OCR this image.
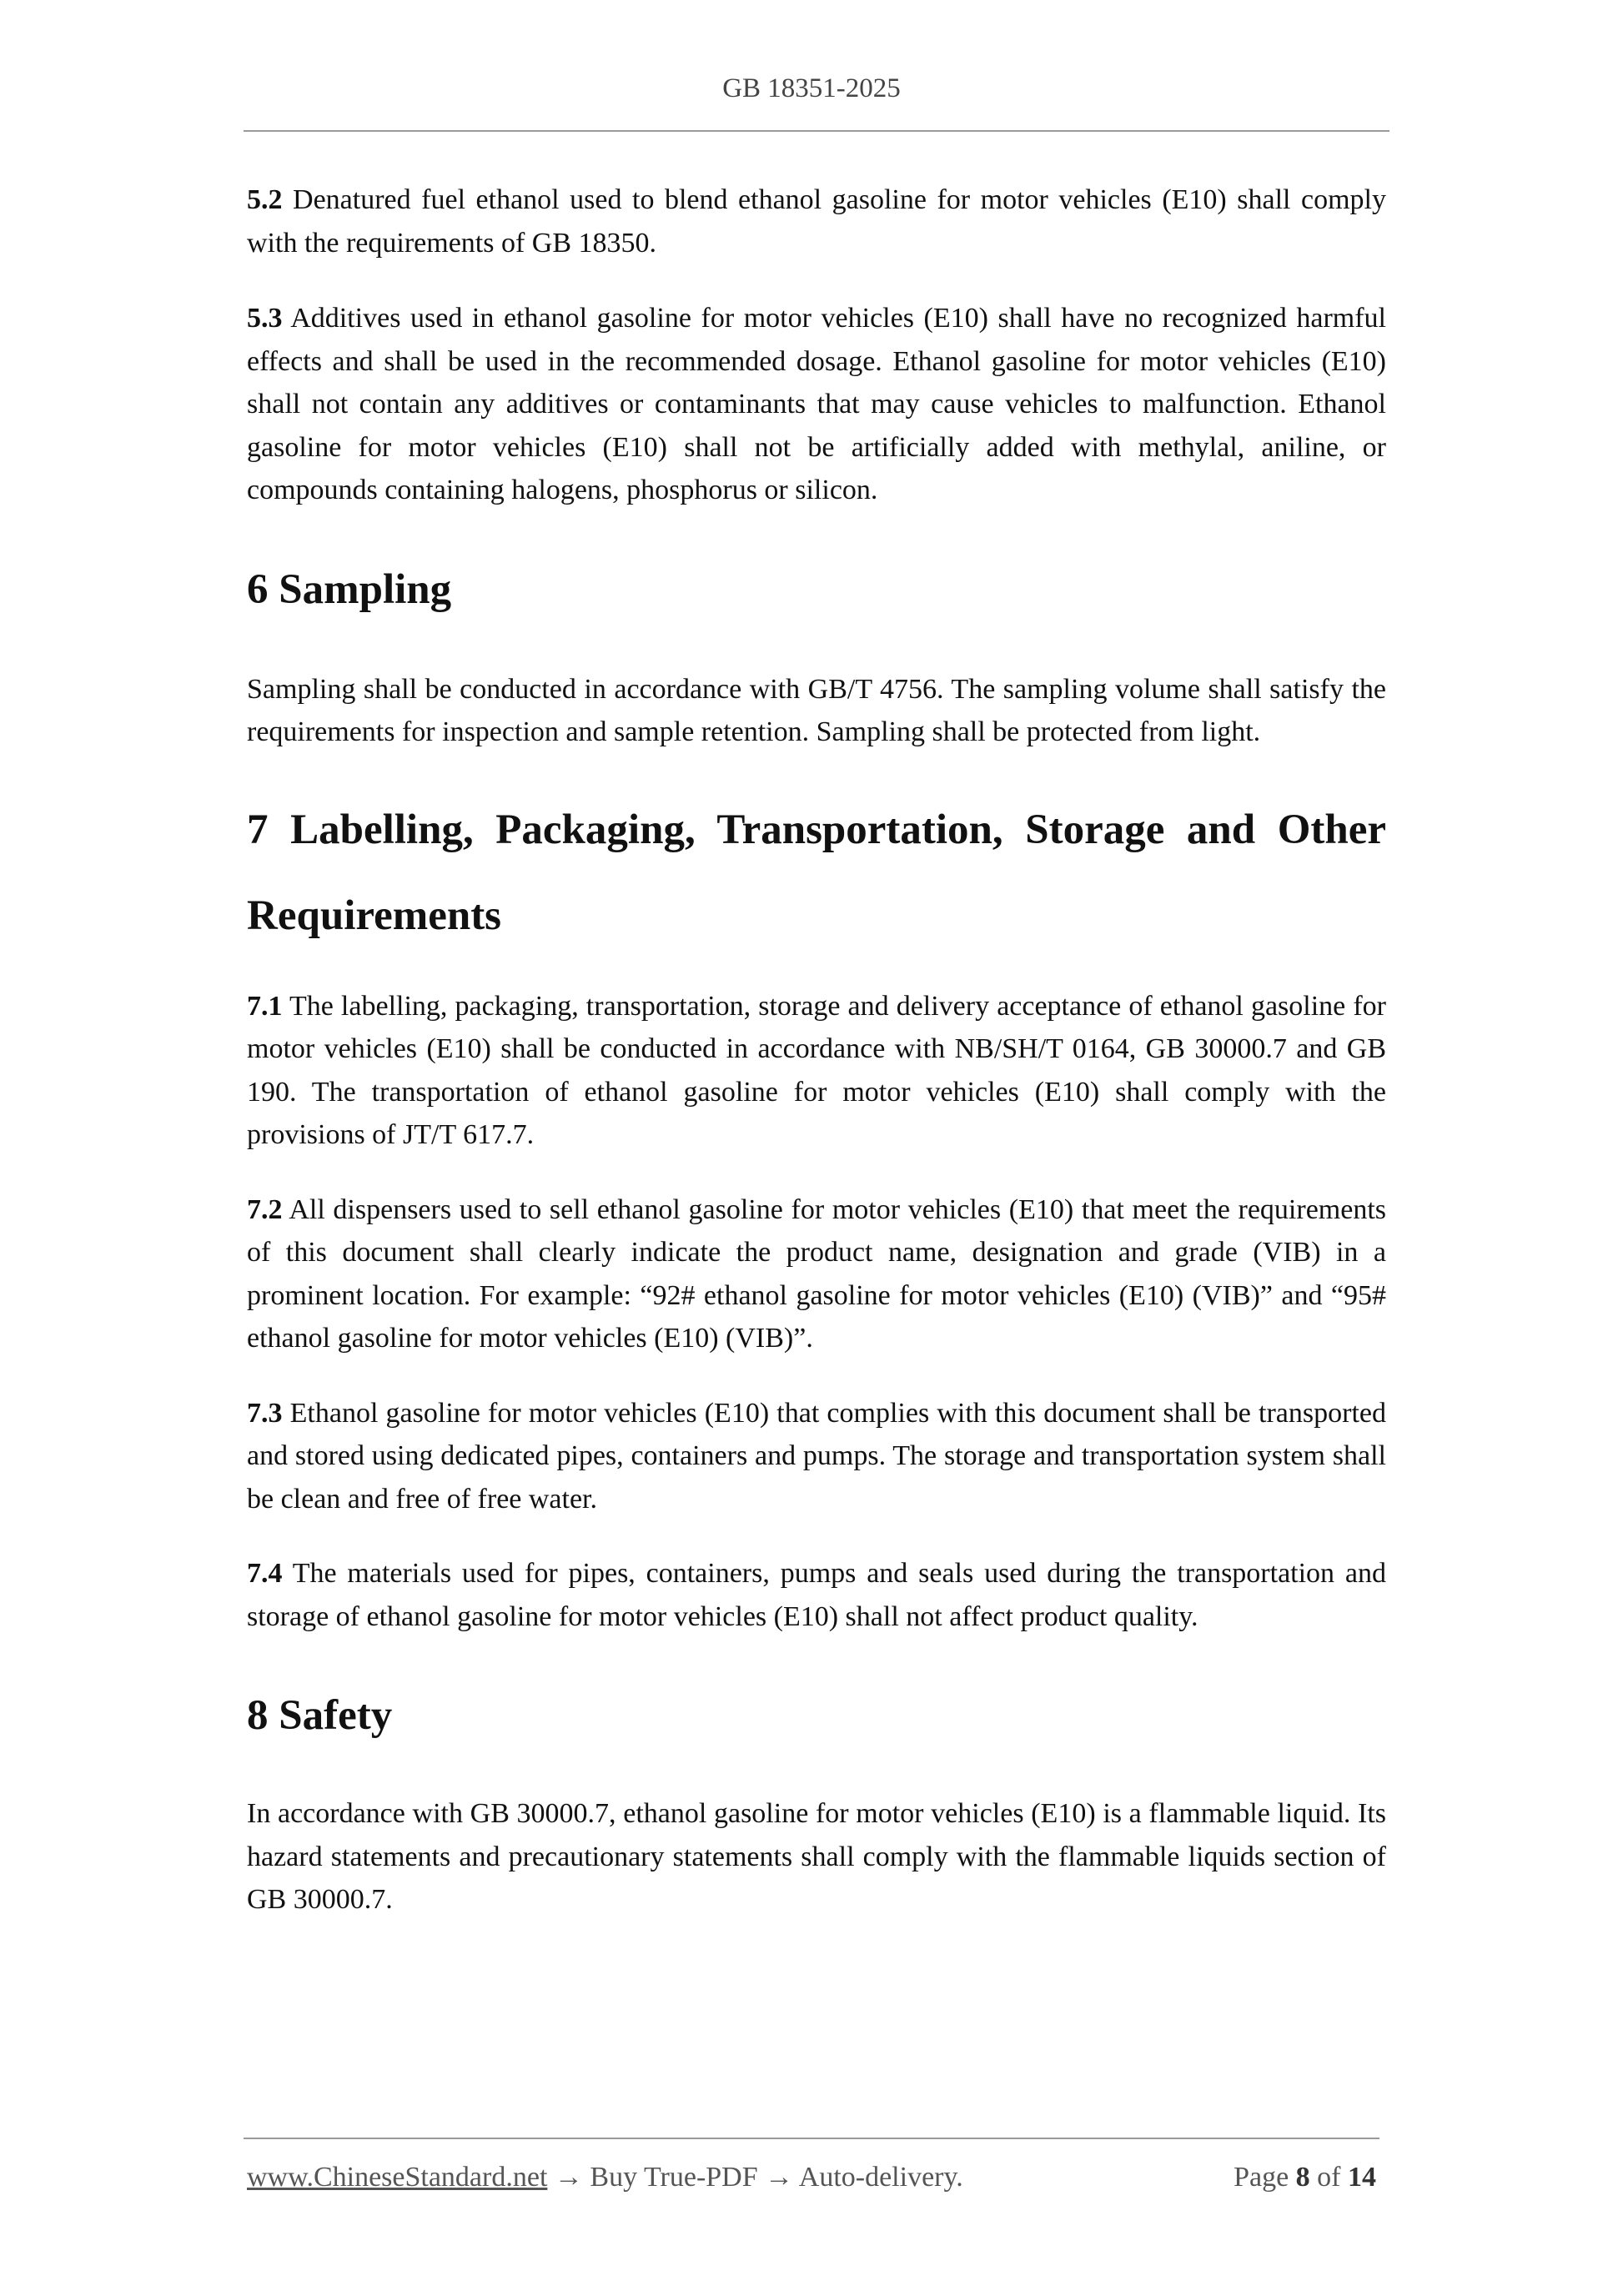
GB 18351-2025

5.2 Denatured fuel ethanol used to blend ethanol gasoline for motor vehicles (E10) shall comply with the requirements of GB 18350.

5.3 Additives used in ethanol gasoline for motor vehicles (E10) shall have no recognized harmful effects and shall be used in the recommended dosage. Ethanol gasoline for motor vehicles (E10) shall not contain any additives or contaminants that may cause vehicles to malfunction. Ethanol gasoline for motor vehicles (E10) shall not be artificially added with methylal, aniline, or compounds containing halogens, phosphorus or silicon.

6 Sampling

Sampling shall be conducted in accordance with GB/T 4756. The sampling volume shall satisfy the requirements for inspection and sample retention. Sampling shall be protected from light.

7 Labelling, Packaging, Transportation, Storage and Other Requirements

7.1 The labelling, packaging, transportation, storage and delivery acceptance of ethanol gasoline for motor vehicles (E10) shall be conducted in accordance with NB/SH/T 0164, GB 30000.7 and GB 190. The transportation of ethanol gasoline for motor vehicles (E10) shall comply with the provisions of JT/T 617.7.

7.2 All dispensers used to sell ethanol gasoline for motor vehicles (E10) that meet the requirements of this document shall clearly indicate the product name, designation and grade (VIB) in a prominent location. For example: “92# ethanol gasoline for motor vehicles (E10) (VIB)” and “95# ethanol gasoline for motor vehicles (E10) (VIB)”.

7.3 Ethanol gasoline for motor vehicles (E10) that complies with this document shall be transported and stored using dedicated pipes, containers and pumps. The storage and transportation system shall be clean and free of free water.

7.4 The materials used for pipes, containers, pumps and seals used during the transportation and storage of ethanol gasoline for motor vehicles (E10) shall not affect product quality.

8 Safety

In accordance with GB 30000.7, ethanol gasoline for motor vehicles (E10) is a flammable liquid. Its hazard statements and precautionary statements shall comply with the flammable liquids section of GB 30000.7.

www.ChineseStandard.net → Buy True-PDF → Auto-delivery.	Page 8 of 14
